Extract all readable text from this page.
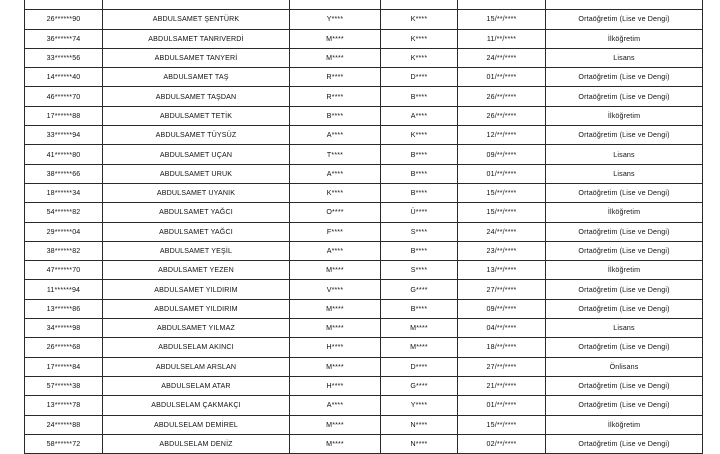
26******90	ABDULSAMET ŞENTÜRK	Y****	K****	15/**/****	Ortaöğretim (Lise ve Dengi)
36******74	ABDULSAMET TANRIVERDİ	M****	K****	11/**/****	İlköğretim
33******56	ABDULSAMET TANYERİ	M****	K****	24/**/****	Lisans
14******40	ABDULSAMET TAŞ	R****	D****	01/**/****	Ortaöğretim (Lise ve Dengi)
46******70	ABDULSAMET TAŞDAN	R****	B****	26/**/****	Ortaöğretim (Lise ve Dengi)
17******88	ABDULSAMET TETİK	B****	A****	26/**/****	İlköğretim
33******94	ABDULSAMET TÜYSÜZ	A****	K****	12/**/****	Ortaöğretim (Lise ve Dengi)
41******80	ABDULSAMET UÇAN	T****	B****	09/**/****	Lisans
38******66	ABDULSAMET URUK	A****	B****	01/**/****	Lisans
18******34	ABDULSAMET UYANIK	K****	B****	15/**/****	Ortaöğretim (Lise ve Dengi)
54******82	ABDULSAMET YAĞCI	O****	Ü****	15/**/****	İlköğretim
29******04	ABDULSAMET YAĞCI	F****	S****	24/**/****	Ortaöğretim (Lise ve Dengi)
38******82	ABDULSAMET YEŞİL	A****	B****	23/**/****	Ortaöğretim (Lise ve Dengi)
47******70	ABDULSAMET YEZEN	M****	S****	13/**/****	İlköğretim
11******94	ABDULSAMET YILDIRIM	V****	G****	27/**/****	Ortaöğretim (Lise ve Dengi)
13******86	ABDULSAMET YILDIRIM	M****	B****	09/**/****	Ortaöğretim (Lise ve Dengi)
34******98	ABDULSAMET YILMAZ	M****	M****	04/**/****	Lisans
26******68	ABDULSELAM AKINCI	H****	M****	18/**/****	Ortaöğretim (Lise ve Dengi)
17******84	ABDULSELAM ARSLAN	M****	D****	27/**/****	Önlisans
57******38	ABDULSELAM ATAR	H****	G****	21/**/****	Ortaöğretim (Lise ve Dengi)
13******78	ABDULSELAM ÇAKMAKÇI	A****	Y****	01/**/****	Ortaöğretim (Lise ve Dengi)
24******88	ABDULSELAM DEMİREL	M****	N****	15/**/****	İlköğretim
58******72	ABDULSELAM DENİZ	M****	N****	02/**/****	Ortaöğretim (Lise ve Dengi)
